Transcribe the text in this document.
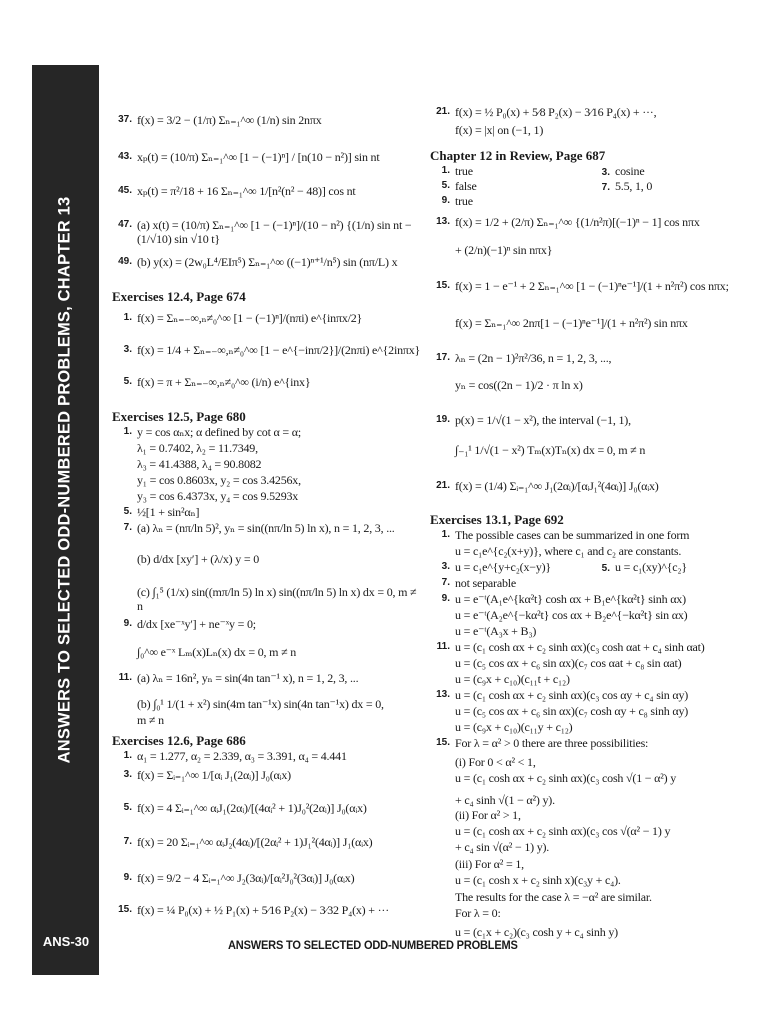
ANSWERS TO SELECTED ODD-NUMBERED PROBLEMS, CHAPTER 13
ANS-30	ANSWERS TO SELECTED ODD-NUMBERED PROBLEMS
37. f(x) = 3/2 − (1/π) Σₙ₌₁^∞ (1/n) sin 2nπx
43. xₚ(t) = (10/π) Σₙ₌₁^∞ [1 − (−1)ⁿ] / [n(10 − n²)] sin nt
45. xₚ(t) = π²/18 + 16 Σₙ₌₁^∞ 1/[n²(n² − 48)] cos nt
47. (a) x(t) = (10/π) Σₙ₌₁^∞ [1 − (−1)ⁿ]/(10 − n²) {(1/n) sin nt − (1/√10) sin √10 t}
49. (b) y(x) = (2w₀L⁴/EIπ⁵) Σₙ₌₁^∞ ((−1)ⁿ⁺¹/n⁵) sin (nπ/L) x
Exercises 12.4, Page 674
1. f(x) = Σₙ₌₋∞,ₙ≠₀^∞ [1 − (−1)ⁿ]/(nπi) e^{inπx/2}
3. f(x) = 1/4 + Σₙ₌₋∞,ₙ≠₀^∞ [1 − e^{−inπ/2}]/(2nπi) e^{2inπx}
5. f(x) = π + Σₙ₌₋∞,ₙ≠₀^∞ (i/n) e^{inx}
Exercises 12.5, Page 680
1. y = cos αₙx; α defined by cot α = α;
λ₁ = 0.7402, λ₂ = 11.7349,
λ₃ = 41.4388, λ₄ = 90.8082
y₁ = cos 0.8603x, y₂ = cos 3.4256x,
y₃ = cos 6.4373x, y₄ = cos 9.5293x
5. ½[1 + sin²αₙ]
7. (a) λₙ = (nπ/ln 5)², yₙ = sin((nπ/ln 5) ln x), n = 1, 2, 3, ...
(b) d/dx [xy′] + (λ/x) y = 0
(c) ∫₁⁵ (1/x) sin((mπ/ln 5) ln x) sin((nπ/ln 5) ln x) dx = 0, m ≠ n
9. d/dx [xe⁻ˣy′] + ne⁻ˣy = 0;
∫₀^∞ e⁻ˣ Lₘ(x)Lₙ(x) dx = 0, m ≠ n
11. (a) λₙ = 16n², yₙ = sin(4n tan⁻¹ x), n = 1, 2, 3, ...
(b) ∫₀¹ 1/(1 + x²) sin(4m tan⁻¹x) sin(4n tan⁻¹x) dx = 0,
m ≠ n
Exercises 12.6, Page 686
1. α₁ = 1.277, α₂ = 2.339, α₃ = 3.391, α₄ = 4.441
3. f(x) = Σᵢ₌₁^∞ 1/[αᵢ J₁(2αᵢ)] J₀(αᵢx)
5. f(x) = 4 Σᵢ₌₁^∞ αᵢJ₁(2αᵢ)/[(4αᵢ² + 1)J₀²(2αᵢ)] J₀(αᵢx)
7. f(x) = 20 Σᵢ₌₁^∞ αᵢJ₂(4αᵢ)/[(2αᵢ² + 1)J₁²(4αᵢ)] J₁(αᵢx)
9. f(x) = 9/2 − 4 Σᵢ₌₁^∞ J₂(3αᵢ)/[αᵢ²J₀²(3αᵢ)] J₀(αᵢx)
15. f(x) = ¼ P₀(x) + ½ P₁(x) + 5⁄16 P₂(x) − 3⁄32 P₄(x) + ···
21. f(x) = ½ P₀(x) + 5⁄8 P₂(x) − 3⁄16 P₄(x) + ···,
f(x) = |x| on (−1, 1)
Chapter 12 in Review, Page 687
1. true	3. cosine
5. false	7. 5.5, 1, 0
9. true
13. f(x) = 1/2 + (2/π) Σₙ₌₁^∞ {(1/n²π)[(−1)ⁿ − 1] cos nπx
+ (2/n)(−1)ⁿ sin nπx}
15. f(x) = 1 − e⁻¹ + 2 Σₙ₌₁^∞ [1 − (−1)ⁿe⁻¹]/(1 + n²π²) cos nπx;
f(x) = Σₙ₌₁^∞ 2nπ[1 − (−1)ⁿe⁻¹]/(1 + n²π²) sin nπx
17. λₙ = (2n − 1)²π²/36, n = 1, 2, 3, ...,
yₙ = cos((2n − 1)/2 · π ln x)
19. p(x) = 1/√(1 − x²), the interval (−1, 1),
∫₋₁¹ 1/√(1 − x²) Tₘ(x)Tₙ(x) dx = 0, m ≠ n
21. f(x) = (1/4) Σᵢ₌₁^∞ J₁(2αᵢ)/[αᵢJ₁²(4αᵢ)] J₀(αᵢx)
Exercises 13.1, Page 692
1. The possible cases can be summarized in one form
u = c₁e^{c₂(x+y)}, where c₁ and c₂ are constants.
3. u = c₁e^{y+c₂(x−y)}	5. u = c₁(xy)^{c₂}
7. not separable
9. u = e⁻ᵗ(A₁e^{kα²t} cosh αx + B₁e^{kα²t} sinh αx)
u = e⁻ᵗ(A₂e^{−kα²t} cos αx + B₂e^{−kα²t} sin αx)
u = e⁻ᵗ(A₃x + B₃)
11. u = (c₁ cosh αx + c₂ sinh αx)(c₃ cosh αat + c₄ sinh αat)
u = (c₅ cos αx + c₆ sin αx)(c₇ cos αat + c₈ sin αat)
u = (c₉x + c₁₀)(c₁₁t + c₁₂)
13. u = (c₁ cosh αx + c₂ sinh αx)(c₃ cos αy + c₄ sin αy)
u = (c₅ cos αx + c₆ sin αx)(c₇ cosh αy + c₈ sinh αy)
u = (c₉x + c₁₀)(c₁₁y + c₁₂)
15. For λ = α² > 0 there are three possibilities:
(i) For 0 < α² < 1,
u = (c₁ cosh αx + c₂ sinh αx)(c₃ cosh √(1 − α²) y
+ c₄ sinh √(1 − α²) y).
(ii) For α² > 1,
u = (c₁ cosh αx + c₂ sinh αx)(c₃ cos √(α² − 1) y
+ c₄ sin √(α² − 1) y).
(iii) For α² = 1,
u = (c₁ cosh x + c₂ sinh x)(c₃y + c₄).
The results for the case λ = −α² are similar.
For λ = 0:
u = (c₁x + c₂)(c₃ cosh y + c₄ sinh y)
